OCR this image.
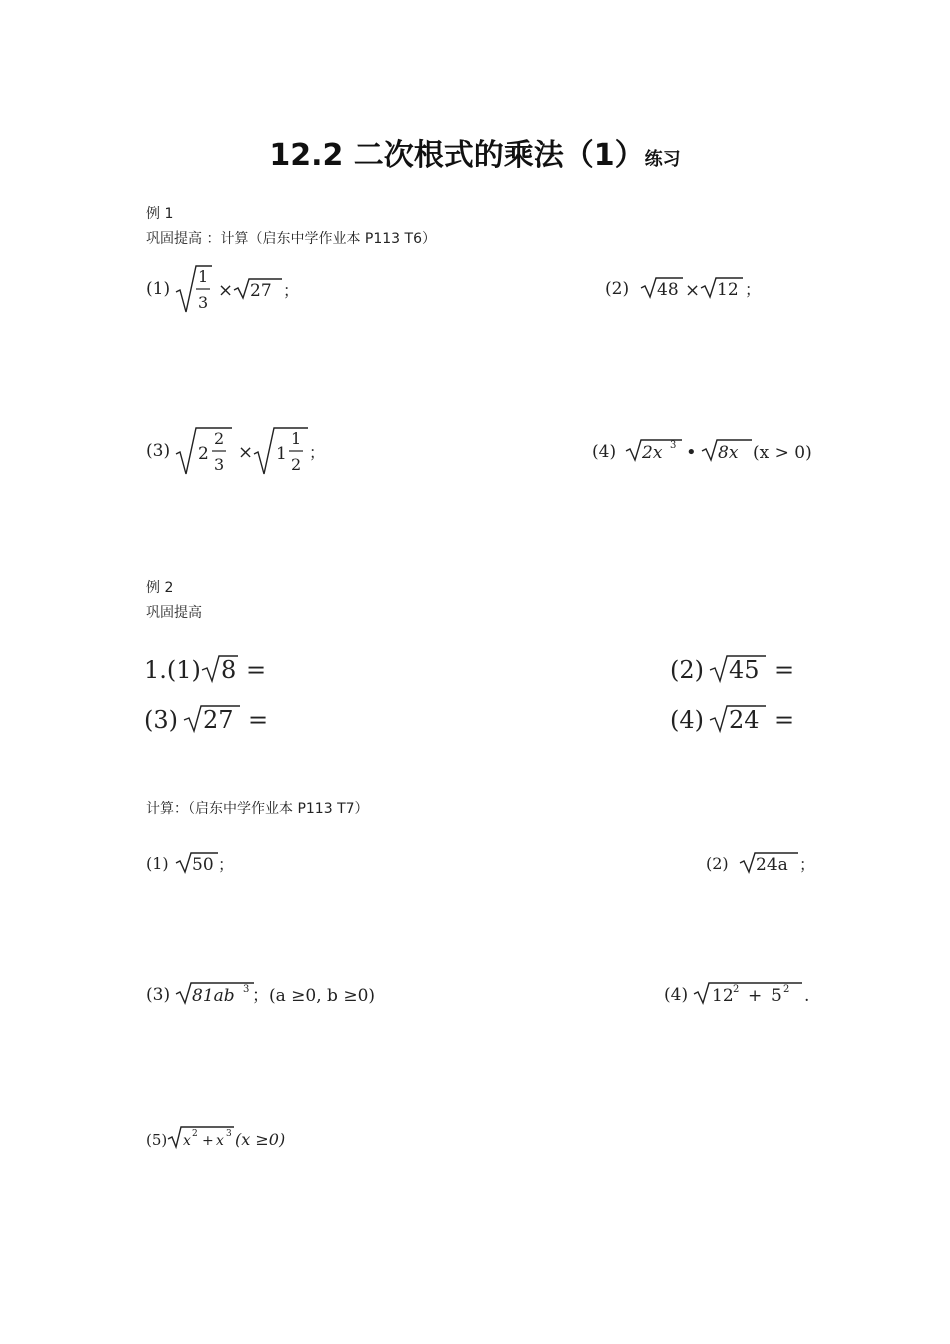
12.2 二次根式的乘法（1）练习
例 1
巩固提高 ：计算（启东中学作业本 P113 T6）
(1)
1
3
× 27 ；	(2) 48 × 12 ；
(3) 2
2
3
× 1
1
2
；	(4) 2x 3 • 8x (x > 0)
例 2
巩固提高
1.(1) 8 =	(2) 45 =
(3) 27 =	(4) 24 =
计算：（启东中学作业本 P113 T7）
(1) 50 ；	(2) 24a ；
(3) 81ab 3 ；(a ≥0, b ≥0)	(4) 12 2 + 5 2 .
(5) x 2 + x 3 (x ≥0)
